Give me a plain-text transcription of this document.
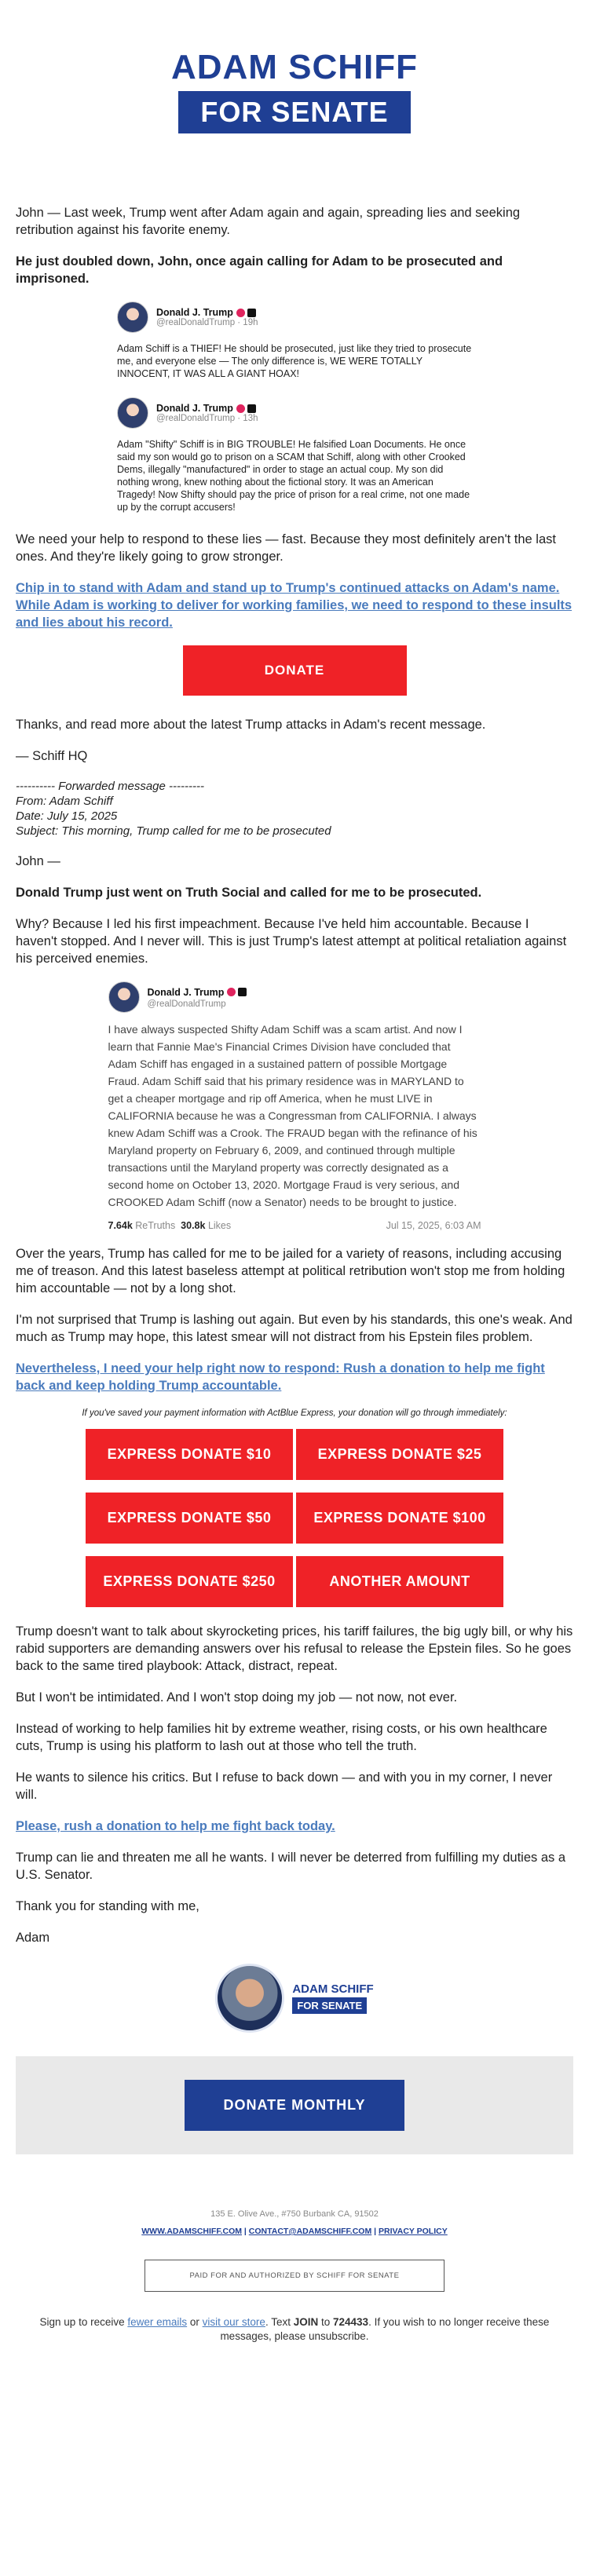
ADAM SCHIFF
FOR SENATE

John — Last week, Trump went after Adam again and again, spreading lies and seeking retribution against his favorite enemy.

He just doubled down, John, once again calling for Adam to be prosecuted and imprisoned.

Donald J. Trump
@realDonaldTrump · 19h
Adam Schiff is a THIEF! He should be prosecuted, just like they tried to prosecute me, and everyone else — The only difference is, WE WERE TOTALLY INNOCENT, IT WAS ALL A GIANT HOAX!
Donald J. Trump
@realDonaldTrump · 13h
Adam "Shifty" Schiff is in BIG TROUBLE! He falsified Loan Documents. He once said my son would go to prison on a SCAM that Schiff, along with other Crooked Dems, illegally "manufactured" in order to stage an actual coup. My son did nothing wrong, knew nothing about the fictional story. It was an American Tragedy! Now Shifty should pay the price of prison for a real crime, not one made up by the corrupt accusers!

We need your help to respond to these lies — fast. Because they most definitely aren't the last ones. And they're likely going to grow stronger.

Chip in to stand with Adam and stand up to Trump's continued attacks on Adam's name. While Adam is working to deliver for working families, we need to respond to these insults and lies about his record.

DONATE

Thanks, and read more about the latest Trump attacks in Adam's recent message.

— Schiff HQ

---------- Forwarded message ---------
From: Adam Schiff
Date: July 15, 2025
Subject: This morning, Trump called for me to be prosecuted

John —

Donald Trump just went on Truth Social and called for me to be prosecuted.

Why? Because I led his first impeachment. Because I've held him accountable. Because I haven't stopped. And I never will. This is just Trump's latest attempt at political retaliation against his perceived enemies.

Donald J. Trump
@realDonaldTrump
I have always suspected Shifty Adam Schiff was a scam artist. And now I learn that Fannie Mae's Financial Crimes Division have concluded that Adam Schiff has engaged in a sustained pattern of possible Mortgage Fraud. Adam Schiff said that his primary residence was in MARYLAND to get a cheaper mortgage and rip off America, when he must LIVE in CALIFORNIA because he was a Congressman from CALIFORNIA. I always knew Adam Schiff was a Crook. The FRAUD began with the refinance of his Maryland property on February 6, 2009, and continued through multiple transactions until the Maryland property was correctly designated as a second home on October 13, 2020. Mortgage Fraud is very serious, and CROOKED Adam Schiff (now a Senator) needs to be brought to justice.
7.64k ReTruths 30.8k Likes	Jul 15, 2025, 6:03 AM

Over the years, Trump has called for me to be jailed for a variety of reasons, including accusing me of treason. And this latest baseless attempt at political retribution won't stop me from holding him accountable — not by a long shot.

I'm not surprised that Trump is lashing out again. But even by his standards, this one's weak. And much as Trump may hope, this latest smear will not distract from his Epstein files problem.

Nevertheless, I need your help right now to respond: Rush a donation to help me fight back and keep holding Trump accountable.

If you've saved your payment information with ActBlue Express, your donation will go through immediately:
EXPRESS DONATE $10	EXPRESS DONATE $25
EXPRESS DONATE $50	EXPRESS DONATE $100
EXPRESS DONATE $250	ANOTHER AMOUNT

Trump doesn't want to talk about skyrocketing prices, his tariff failures, the big ugly bill, or why his rabid supporters are demanding answers over his refusal to release the Epstein files. So he goes back to the same tired playbook: Attack, distract, repeat.

But I won't be intimidated. And I won't stop doing my job — not now, not ever.

Instead of working to help families hit by extreme weather, rising costs, or his own healthcare cuts, Trump is using his platform to lash out at those who tell the truth.

He wants to silence his critics. But I refuse to back down — and with you in my corner, I never will.

Please, rush a donation to help me fight back today.

Trump can lie and threaten me all he wants. I will never be deterred from fulfilling my duties as a U.S. Senator.

Thank you for standing with me,

Adam

ADAM SCHIFF
FOR SENATE
DONATE MONTHLY
135 E. Olive Ave., #750 Burbank CA, 91502
WWW.ADAMSCHIFF.COM | CONTACT@ADAMSCHIFF.COM | PRIVACY POLICY
PAID FOR AND AUTHORIZED BY SCHIFF FOR SENATE
Sign up to receive fewer emails or visit our store. Text JOIN to 724433. If you wish to no longer receive these messages, please unsubscribe.
